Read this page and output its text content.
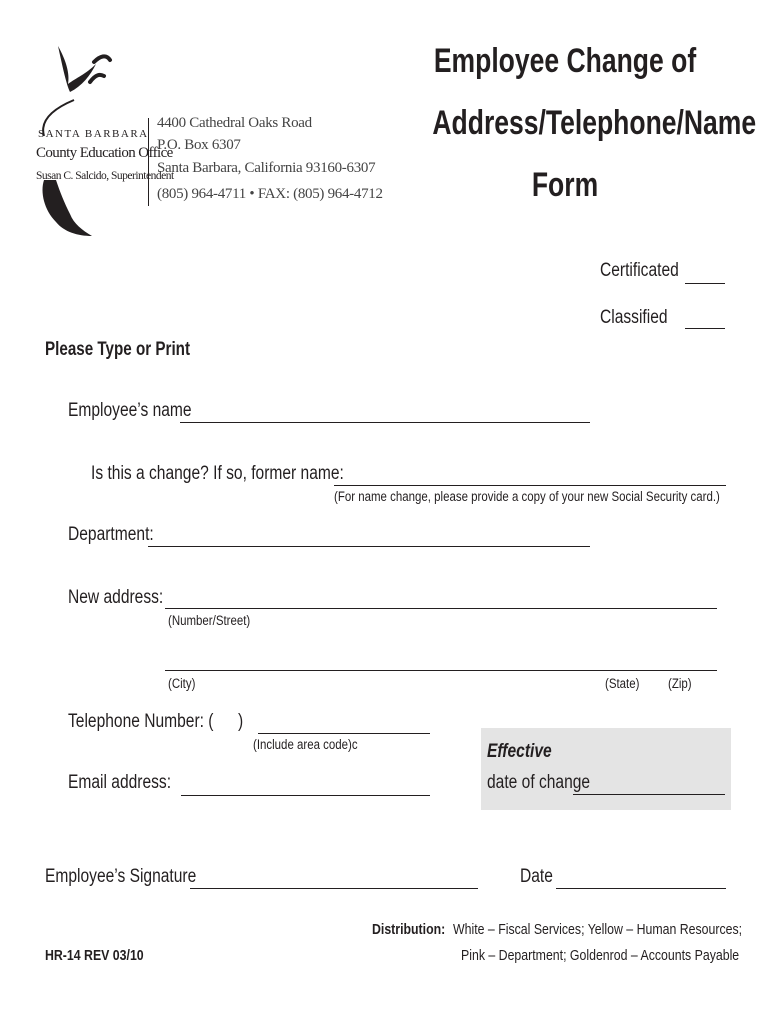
SANTA BARBARA
County Education Office
Susan C. Salcido, Superintendent
4400 Cathedral Oaks Road
P.O. Box 6307
Santa Barbara, California 93160-6307
(805) 964-4711 • FAX: (805) 964-4712
Employee Change of
Address/Telephone/Name
Form
Certificated
Classified
Please Type or Print
Employee’s name
Is this a change? If so, former name:
(For name change, please provide a copy of your new Social Security card.)
Department:
New address:
(Number/Street)
(City)	(State) (Zip)
Telephone Number: ( )
(Include area code)c
Email address:
Effective
date of change
Employee’s Signature	Date
Distribution: White – Fiscal Services; Yellow – Human Resources;
Pink – Department; Goldenrod – Accounts Payable
HR-14 REV 03/10
